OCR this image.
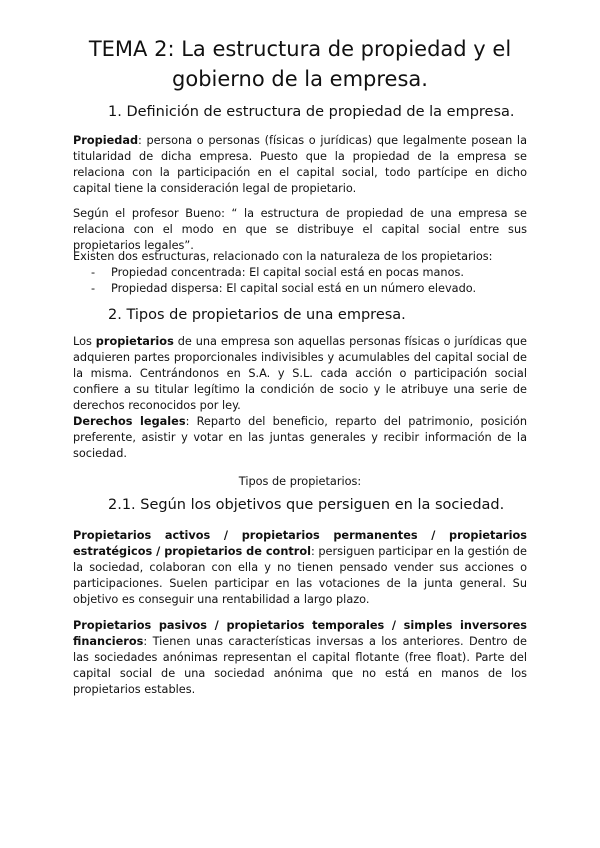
TEMA 2: La estructura de propiedad y el gobierno de la empresa.
1. Definición de estructura de propiedad de la empresa.

Propiedad: persona o personas (físicas o jurídicas) que legalmente posean la titularidad de dicha empresa. Puesto que la propiedad de la empresa se relaciona con la participación en el capital social, todo partícipe en dicho capital tiene la consideración legal de propietario.

Según el profesor Bueno: “ la estructura de propiedad de una empresa se relaciona con el modo en que se distribuye el capital social entre sus propietarios legales”.

Existen dos estructuras, relacionado con la naturaleza de los propietarios:

- Propiedad concentrada: El capital social está en pocas manos.
- Propiedad dispersa: El capital social está en un número elevado.
2. Tipos de propietarios de una empresa.

Los propietarios de una empresa son aquellas personas físicas o jurídicas que adquieren partes proporcionales indivisibles y acumulables del capital social de la misma. Centrándonos en S.A. y S.L. cada acción o participación social confiere a su titular legítimo la condición de socio y le atribuye una serie de derechos reconocidos por ley.

Derechos legales: Reparto del beneficio, reparto del patrimonio, posición preferente, asistir y votar en las juntas generales y recibir información de la sociedad.

Tipos de propietarios:

2.1. Según los objetivos que persiguen en la sociedad.

Propietarios activos / propietarios permanentes / propietarios estratégicos / propietarios de control: persiguen participar en la gestión de la sociedad, colaboran con ella y no tienen pensado vender sus acciones o participaciones. Suelen participar en las votaciones de la junta general. Su objetivo es conseguir una rentabilidad a largo plazo.

Propietarios pasivos / propietarios temporales / simples inversores financieros: Tienen unas características inversas a los anteriores. Dentro de las sociedades anónimas representan el capital flotante (free float). Parte del capital social de una sociedad anónima que no está en manos de los propietarios estables.
